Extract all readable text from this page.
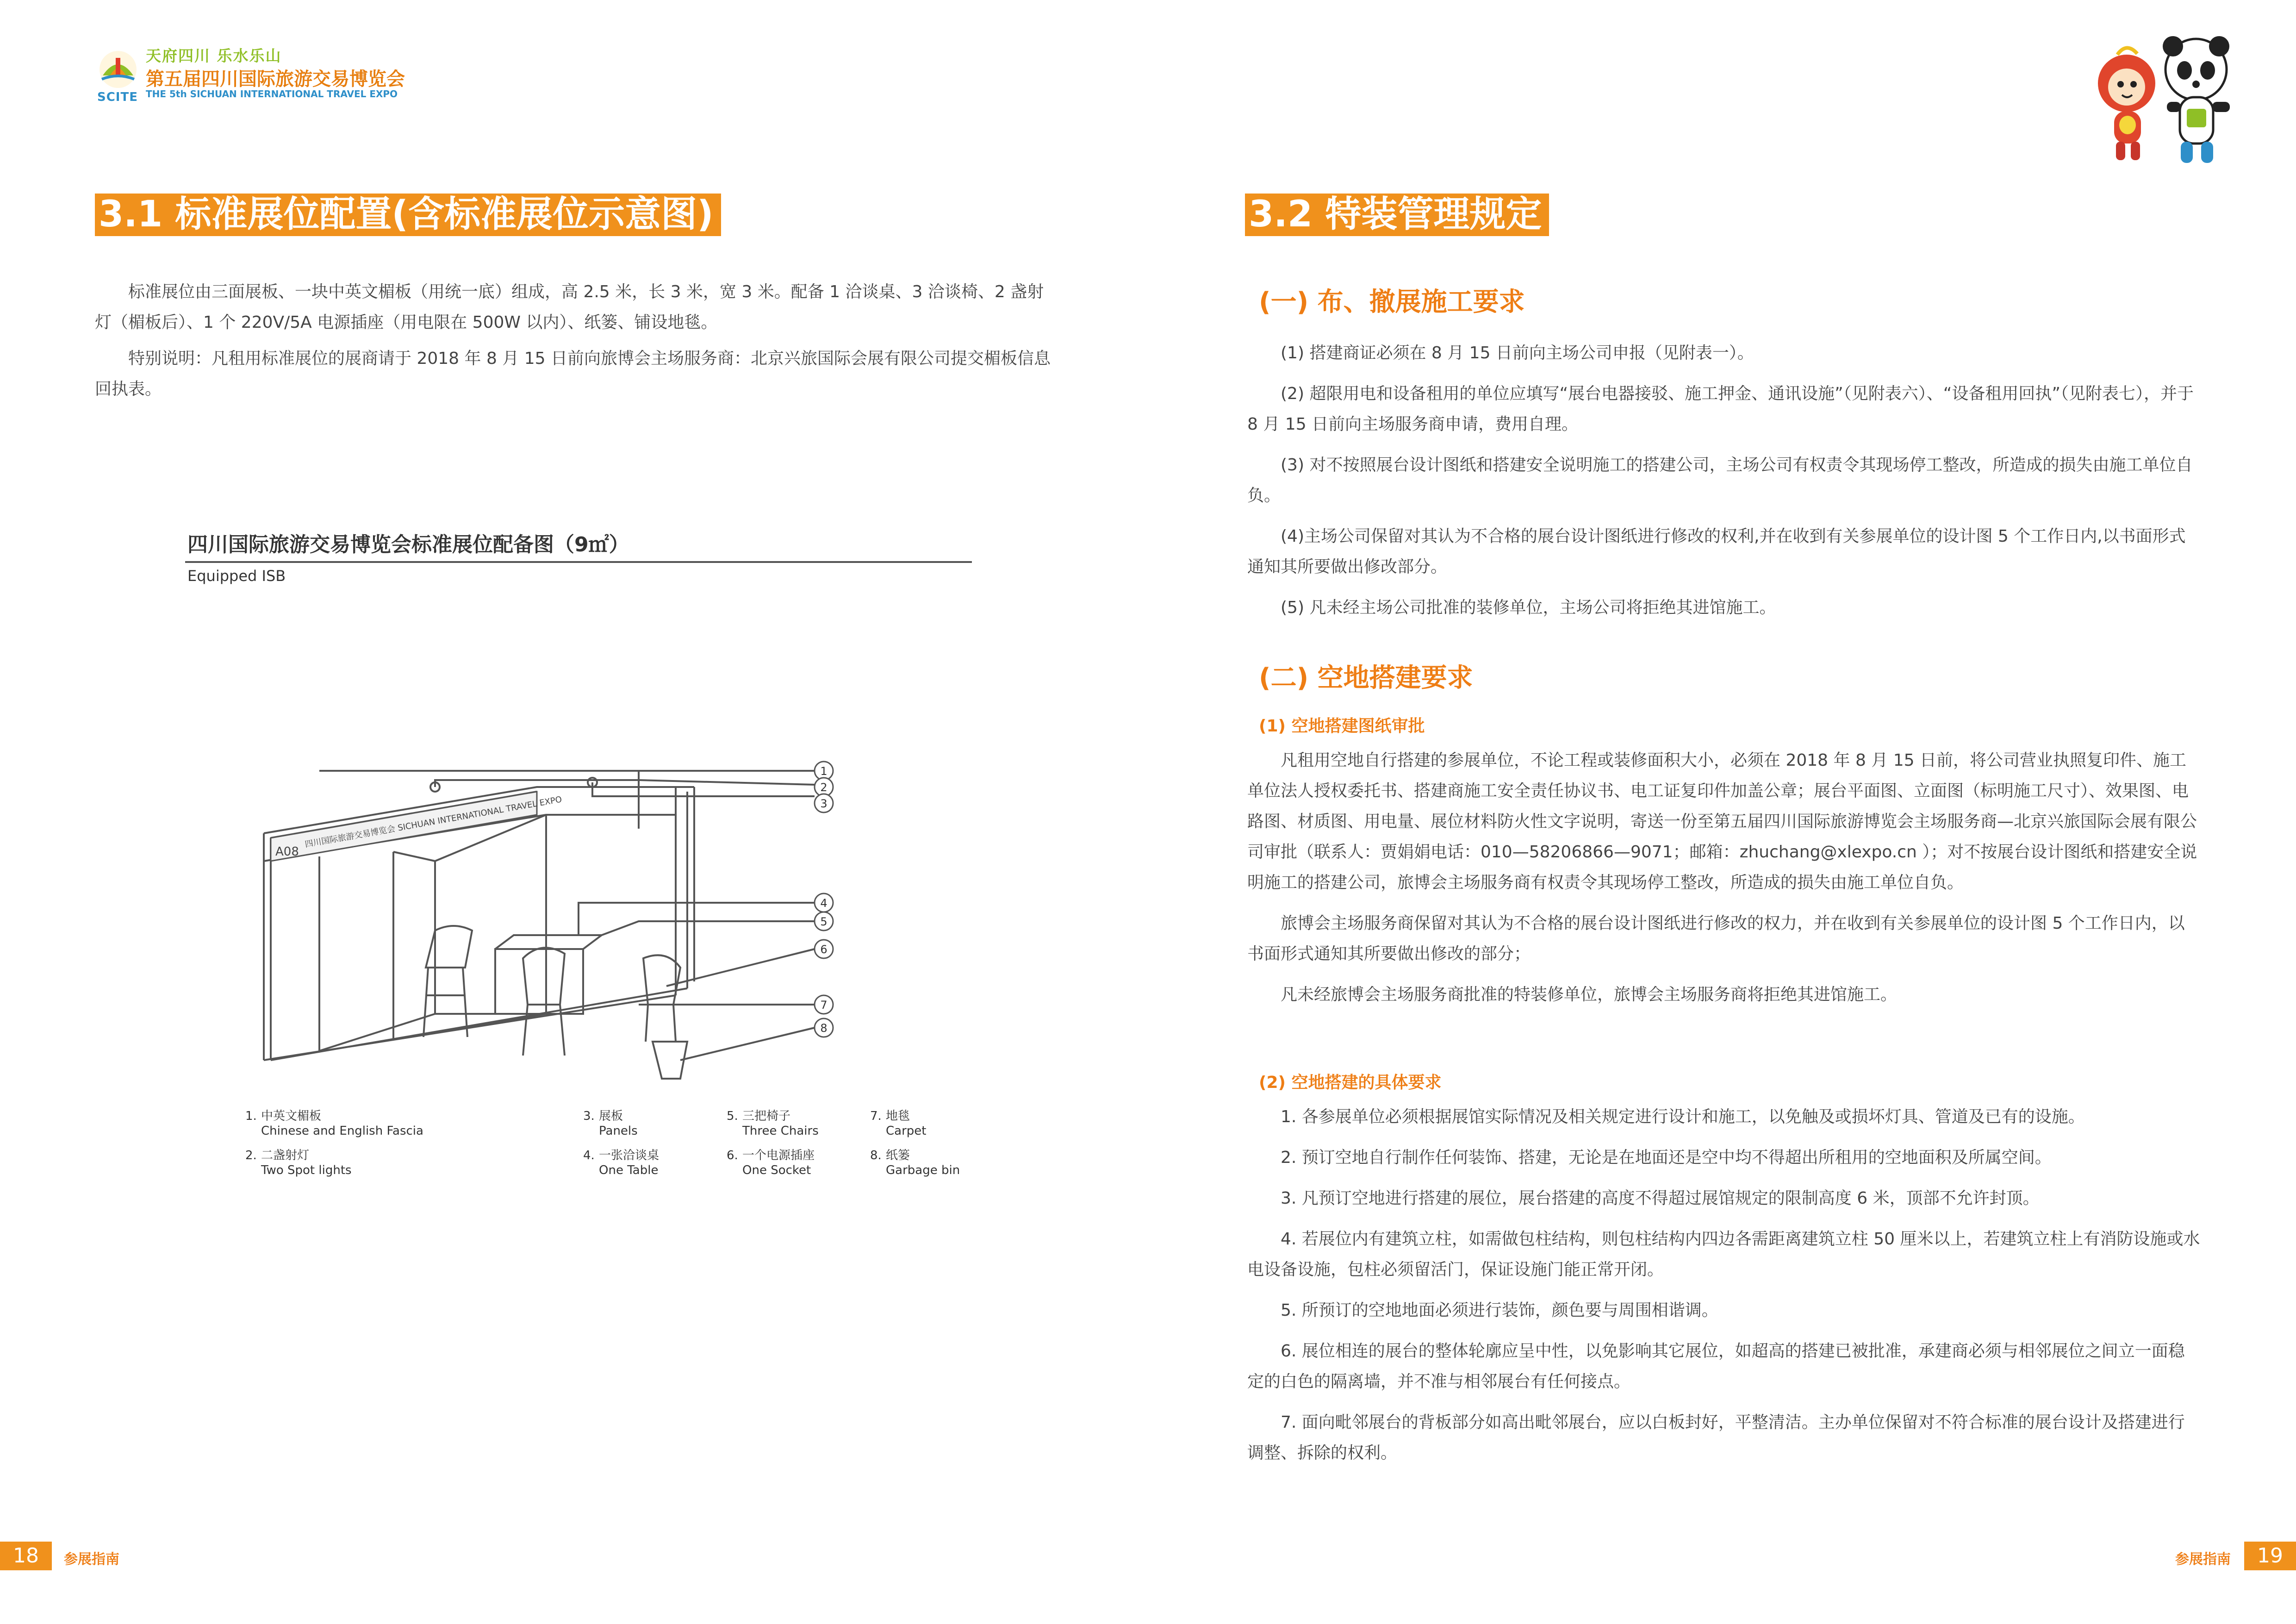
天府四川 乐水乐山
第五届四川国际旅游交易博览会
THE 5th SICHUAN INTERNATIONAL TRAVEL EXPO
SCITE
3.1 标准展位配置(含标准展位示意图)

标准展位由三面展板、一块中英文楣板（用统一底）组成，高 2.5 米，长 3 米，宽 3 米。配备 1 洽谈桌、3 洽谈椅、2 盏射灯（楣板后）、1 个 220V/5A 电源插座（用电限在 500W 以内）、纸篓、铺设地毯。

特别说明：凡租用标准展位的展商请于 2018 年 8 月 15 日前向旅博会主场服务商：北京兴旅国际会展有限公司提交楣板信息回执表。

四川国际旅游交易博览会标准展位配备图（9㎡）
Equipped ISB
A08
四川国际旅游交易博览会 SICHUAN INTERNATIONAL TRAVEL EXPO
1
2
3
4
5
6
7
8
1. 中英文楣板
Chinese and English Fascia
2. 二盏射灯
Two Spot lights
3. 展板
Panels
4. 一张洽谈桌
One Table
5. 三把椅子
Three Chairs
6. 一个电源插座
One Socket
7. 地毯
Carpet
8. 纸篓
Garbage bin
18	参展指南
3.2 特装管理规定
(一) 布、撤展施工要求

(1) 搭建商证必须在 8 月 15 日前向主场公司申报（见附表一）。

(2) 超限用电和设备租用的单位应填写“展台电器接驳、施工押金、通讯设施”（见附表六）、“设备租用回执”（见附表七），并于 8 月 15 日前向主场服务商申请，费用自理。

(3) 对不按照展台设计图纸和搭建安全说明施工的搭建公司，主场公司有权责令其现场停工整改，所造成的损失由施工单位自负。

(4)主场公司保留对其认为不合格的展台设计图纸进行修改的权利,并在收到有关参展单位的设计图 5 个工作日内,以书面形式通知其所要做出修改部分。

(5) 凡未经主场公司批准的装修单位，主场公司将拒绝其进馆施工。

(二) 空地搭建要求
(1) 空地搭建图纸审批

凡租用空地自行搭建的参展单位，不论工程或装修面积大小，必须在 2018 年 8 月 15 日前，将公司营业执照复印件、施工单位法人授权委托书、搭建商施工安全责任协议书、电工证复印件加盖公章；展台平面图、立面图（标明施工尺寸）、效果图、电路图、材质图、用电量、展位材料防火性文字说明，寄送一份至第五届四川国际旅游博览会主场服务商—北京兴旅国际会展有限公司审批（联系人：贾娟娟电话：010—58206866—9071；邮箱：zhuchang@xlexpo.cn ）；对不按展台设计图纸和搭建安全说明施工的搭建公司，旅博会主场服务商有权责令其现场停工整改，所造成的损失由施工单位自负。

旅博会主场服务商保留对其认为不合格的展台设计图纸进行修改的权力，并在收到有关参展单位的设计图 5 个工作日内，以书面形式通知其所要做出修改的部分；

凡未经旅博会主场服务商批准的特装修单位，旅博会主场服务商将拒绝其进馆施工。

(2) 空地搭建的具体要求

1. 各参展单位必须根据展馆实际情况及相关规定进行设计和施工，以免触及或损坏灯具、管道及已有的设施。

2. 预订空地自行制作任何装饰、搭建，无论是在地面还是空中均不得超出所租用的空地面积及所属空间。

3. 凡预订空地进行搭建的展位，展台搭建的高度不得超过展馆规定的限制高度 6 米，顶部不允许封顶。

4. 若展位内有建筑立柱，如需做包柱结构，则包柱结构内四边各需距离建筑立柱 50 厘米以上，若建筑立柱上有消防设施或水电设备设施，包柱必须留活门，保证设施门能正常开闭。

5. 所预订的空地地面必须进行装饰，颜色要与周围相谐调。

6. 展位相连的展台的整体轮廓应呈中性，以免影响其它展位，如超高的搭建已被批准，承建商必须与相邻展位之间立一面稳定的白色的隔离墙，并不准与相邻展台有任何接点。

7. 面向毗邻展台的背板部分如高出毗邻展台，应以白板封好，平整清洁。主办单位保留对不符合标准的展台设计及搭建进行调整、拆除的权利。

参展指南	19
